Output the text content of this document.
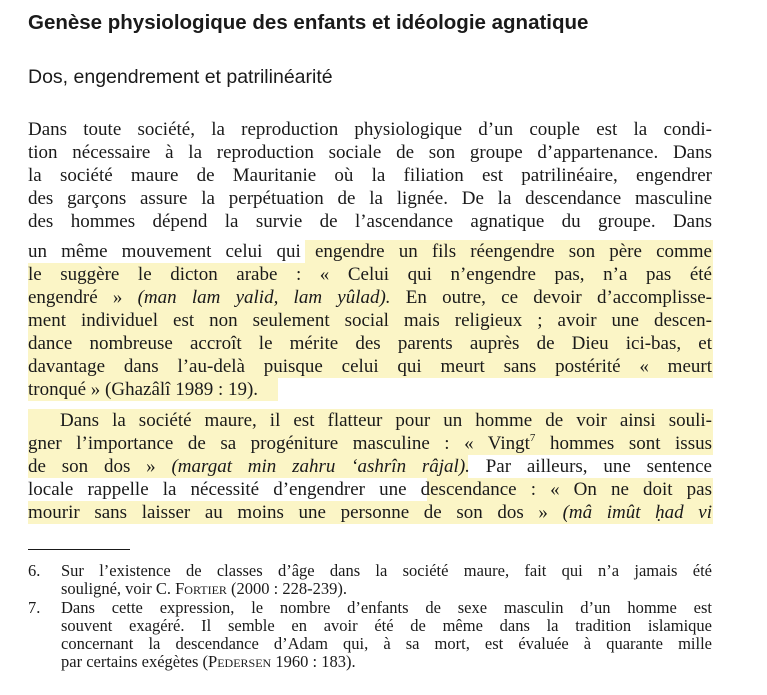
Genèse physiologique des enfants et idéologie agnatique
Dos, engendrement et patrilinéarité
Dans toute société, la reproduction physiologique d’un couple est la condi-
tion nécessaire à la reproduction sociale de son groupe d’appartenance. Dans
la société maure de Mauritanie où la filiation est patrilinéaire, engendrer
des garçons assure la perpétuation de la lignée. De la descendance masculine
des hommes dépend la survie de l’ascendance agnatique du groupe. Dans
un même mouvement celui qui engendre un fils réengendre son père comme
le suggère le dicton arabe : « Celui qui n’engendre pas, n’a pas été
engendré » (man lam yalid, lam yûlad). En outre, ce devoir d’accomplisse-
ment individuel est non seulement social mais religieux ; avoir une descen-
dance nombreuse accroît le mérite des parents auprès de Dieu ici-bas, et
davantage dans l’au-delà puisque celui qui meurt sans postérité « meurt
tronqué » (Ghazâlî 1989 : 19).
Dans la société maure, il est flatteur pour un homme de voir ainsi souli-
gner l’importance de sa progéniture masculine : « Vingt$^7$ hommes sont issus
de son dos » (margat min zahru ‘ashrîn râjal). Par ailleurs, une sentence
locale rappelle la nécessité d’engendrer une descendance : « On ne doit pas
mourir sans laisser au moins une personne de son dos » (mâ imût ḥad vi
6. Sur l’existence de classes d’âge dans la société maure, fait qui n’a jamais été
souligné, voir C. Fortier (2000 : 228-239).
7. Dans cette expression, le nombre d’enfants de sexe masculin d’un homme est
souvent exagéré. Il semble en avoir été de même dans la tradition islamique
concernant la descendance d’Adam qui, à sa mort, est évaluée à quarante mille
par certains exégètes (Pedersen 1960 : 183).
